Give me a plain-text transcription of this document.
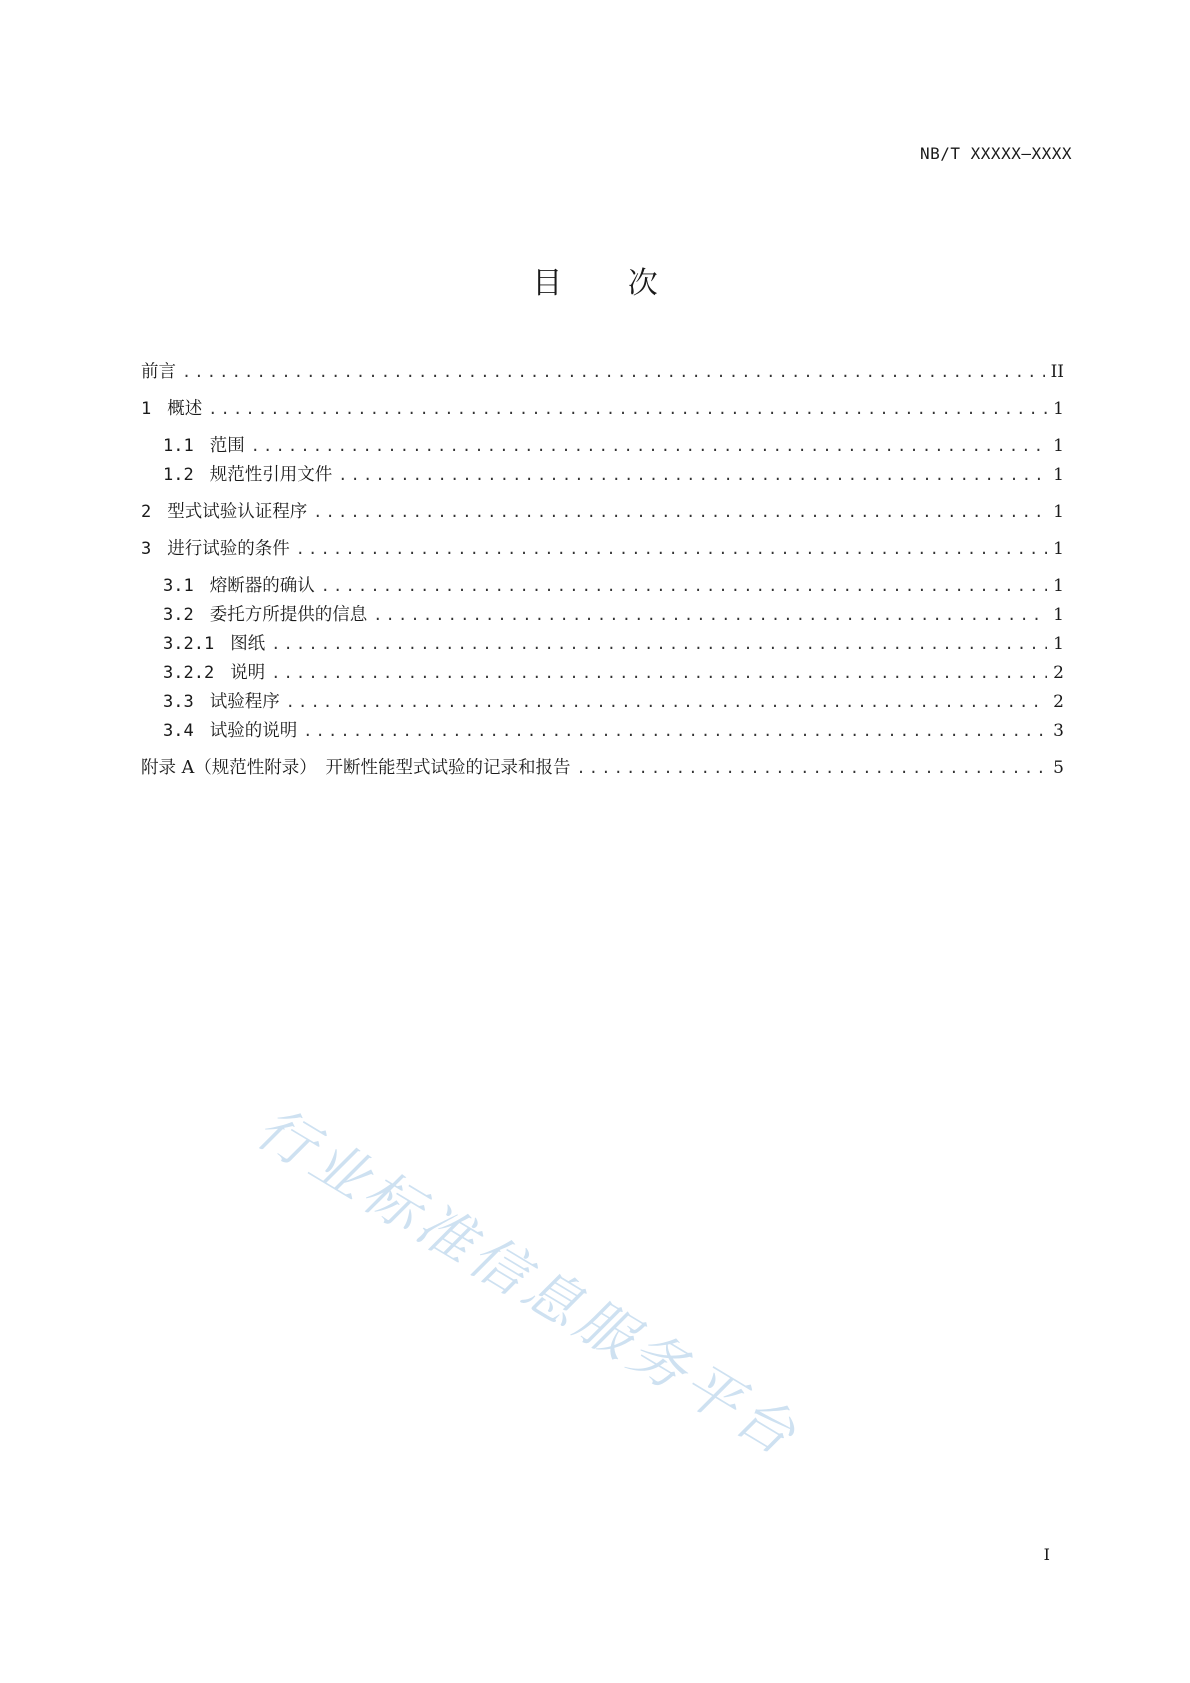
NB/T XXXXX—XXXX
目 次
前言 .....	II
1 概述 .....	1
1.1 范围 .....	1
1.2 规范性引用文件 .....	1
2 型式试验认证程序 .....	1
3 进行试验的条件 .....	1
3.1 熔断器的确认 .....	1
3.2 委托方所提供的信息 .....	1
3.2.1 图纸 .....	1
3.2.2 说明 .....	2
3.3 试验程序 .....	2
3.4 试验的说明 .....	3
附录 A（规范性附录）　开断性能型式试验的记录和报告 .....	5
行业标准信息服务平台
I
